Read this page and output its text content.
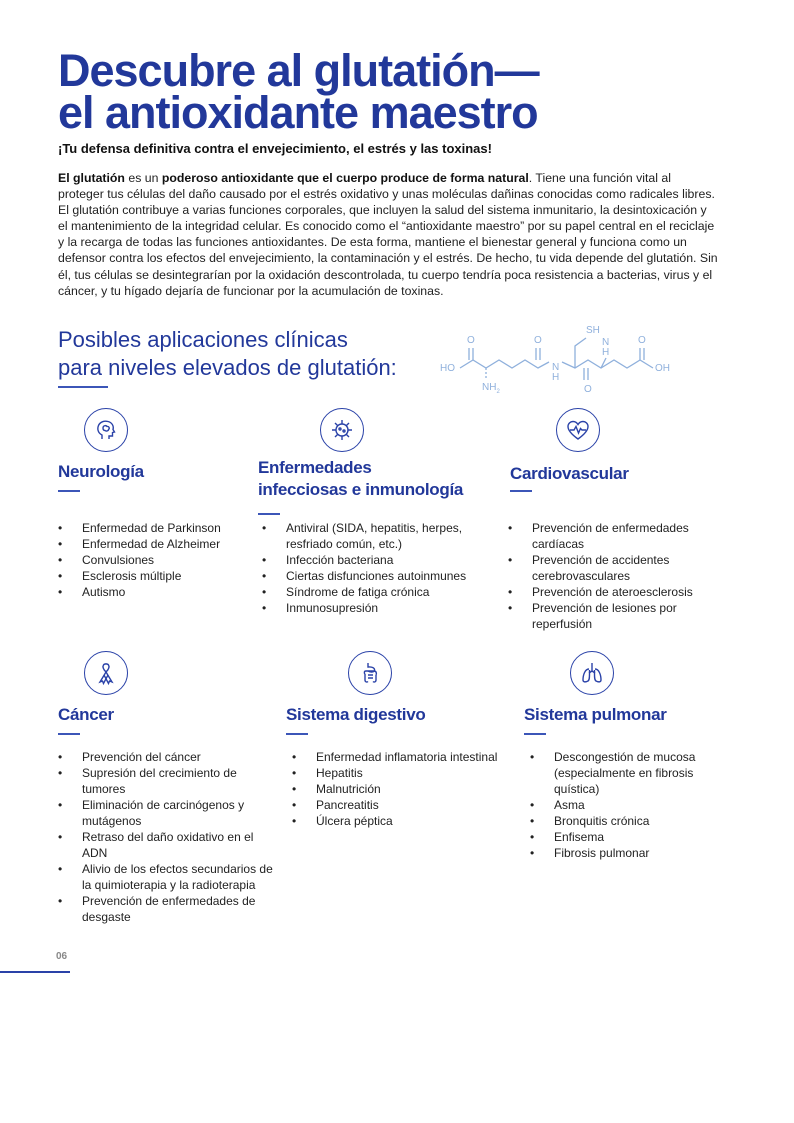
Descubre al glutatión—
el antioxidante maestro

¡Tu defensa definitiva contra el envejecimiento, el estrés y las toxinas!

El glutatión es un poderoso antioxidante que el cuerpo produce de forma natural. Tiene una función vital al proteger tus células del daño causado por el estrés oxidativo y unas moléculas dañinas conocidas como radicales libres. El glutatión contribuye a varias funciones corporales, que incluyen la salud del sistema inmunitario, la desintoxicación y el mantenimiento de la integridad celular. Es conocido como el “antioxidante maestro” por su papel central en el reciclaje y la recarga de todas las funciones antioxidantes. De esta forma, mantiene el bienestar general y funciona como un defensor contra los efectos del envejecimiento, la contaminación y el estrés. De hecho, tu vida depende del glutatión. Sin él, tus células se desintegrarían por la oxidación descontrolada, tu cuerpo tendría poca resistencia a bacterias, virus y el cáncer, y tu hígado dejaría de funcionar por la acumulación de toxinas.

Posibles aplicaciones clínicas
para niveles elevados de glutatión:	HO
O	O
$NH_2$
N
H
O
SH
N
H
O
OH
Neurología
• Enfermedad de Parkinson
• Enfermedad de Alzheimer
• Convulsiones
• Esclerosis múltiple
• Autismo
Enfermedades
infecciosas e inmunología
• Antiviral (SIDA, hepatitis, herpes, resfriado común, etc.)
• Infección bacteriana
• Ciertas disfunciones autoinmunes
• Síndrome de fatiga crónica
• Inmunosupresión
Cardiovascular
• Prevención de enfermedades cardíacas
• Prevención de accidentes cerebrovasculares
• Prevención de ateroesclerosis
• Prevención de lesiones por reperfusión
Cáncer
• Prevención del cáncer
• Supresión del crecimiento de tumores
• Eliminación de carcinógenos y mutágenos
• Retraso del daño oxidativo en el ADN
• Alivio de los efectos secundarios de la quimioterapia y la radioterapia
• Prevención de enfermedades de desgaste
Sistema digestivo
• Enfermedad inflamatoria intestinal
• Hepatitis
• Malnutrición
• Pancreatitis
• Úlcera péptica
Sistema pulmonar
• Descongestión de mucosa (especialmente en fibrosis quística)
• Asma
• Bronquitis crónica
• Enfisema
• Fibrosis pulmonar
06
